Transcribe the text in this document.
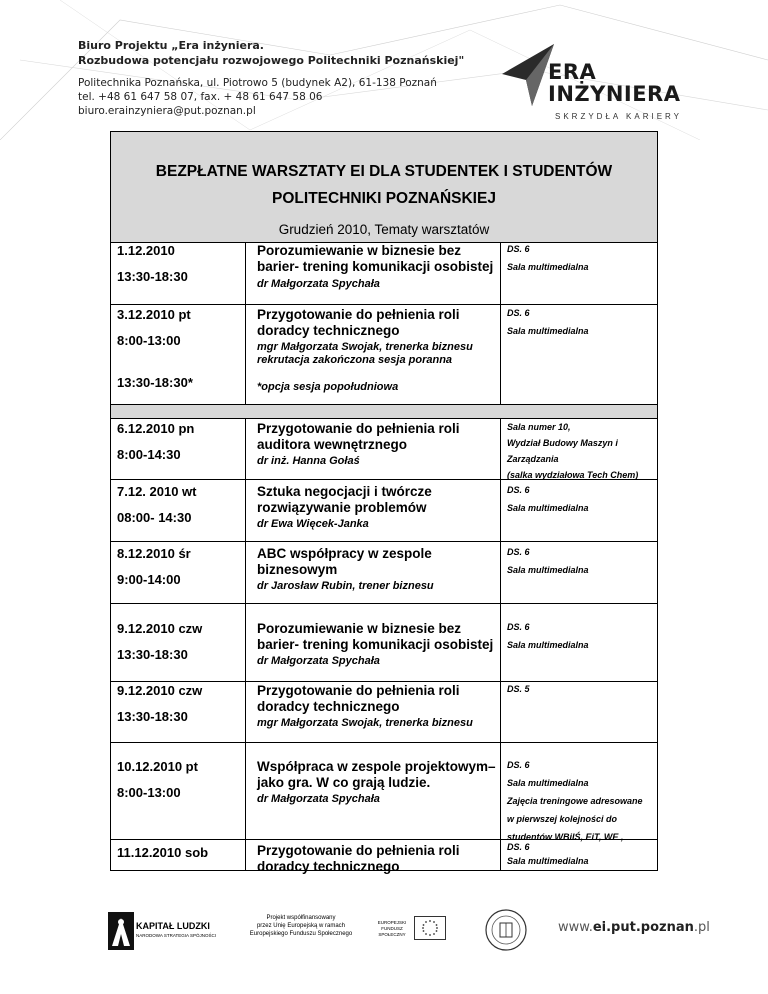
Biuro Projektu „Era inżyniera.
Rozbudowa potencjału rozwojowego Politechniki Poznańskiej"
Politechnika Poznańska, ul. Piotrowo 5 (budynek A2), 61-138 Poznań
tel. +48 61 647 58 07, fax. + 48 61 647 58 06
biuro.erainzyniera@put.poznan.pl
ERA
INŻYNIERA
SKRZYDŁA KARIERY
BEZPŁATNE WARSZTATY EI DLA STUDENTEK I STUDENTÓW
POLITECHNIKI POZNAŃSKIEJ
Grudzień 2010, Tematy warsztatów
1.12.2010
13:30-18:30
Porozumiewanie w biznesie bez barier- trening komunikacji osobistej
dr Małgorzata Spychała
DS. 6
Sala multimedialna
3.12.2010 pt
8:00-13:00
13:30-18:30*
Przygotowanie do pełnienia roli doradcy technicznego
mgr Małgorzata Swojak, trenerka biznesu
rekrutacja zakończona sesja poranna
*opcja sesja popołudniowa
DS. 6
Sala multimedialna
6.12.2010 pn
8:00-14:30
Przygotowanie do pełnienia roli auditora wewnętrznego
dr inż. Hanna Gołaś
Sala numer 10,
Wydział Budowy Maszyn i
Zarządzania
(salka wydziałowa Tech Chem)
7.12. 2010 wt
08:00- 14:30
Sztuka negocjacji i twórcze rozwiązywanie problemów
dr Ewa Więcek-Janka
DS. 6
Sala multimedialna
8.12.2010 śr
9:00-14:00
ABC współpracy w zespole biznesowym
dr Jarosław Rubin, trener biznesu
DS. 6
Sala multimedialna
9.12.2010 czw
13:30-18:30
Porozumiewanie w biznesie bez barier- trening komunikacji osobistej
dr Małgorzata Spychała
DS. 6
Sala multimedialna
9.12.2010 czw
13:30-18:30
Przygotowanie do pełnienia roli doradcy technicznego
mgr Małgorzata Swojak, trenerka biznesu
DS. 5
10.12.2010 pt
8:00-13:00
Współpraca w zespole projektowym– jako gra. W co grają ludzie.
dr Małgorzata Spychała
DS. 6
Sala multimedialna
Zajęcia treningowe adresowane
w pierwszej kolejności do
studentów WBiIŚ, EiT, WE ,
11.12.2010 sob	Przygotowanie do pełnienia roli doradcy technicznego
DS. 6
Sala multimedialna
KAPITAŁ LUDZKI
NARODOWA STRATEGIA SPÓJNOŚCI
Projekt współfinansowany
przez Unię Europejską w ramach
Europejskiego Funduszu Społecznego
EUROPEJSKI
FUNDUSZ SPOŁECZNY	www.ei.put.poznan.pl
